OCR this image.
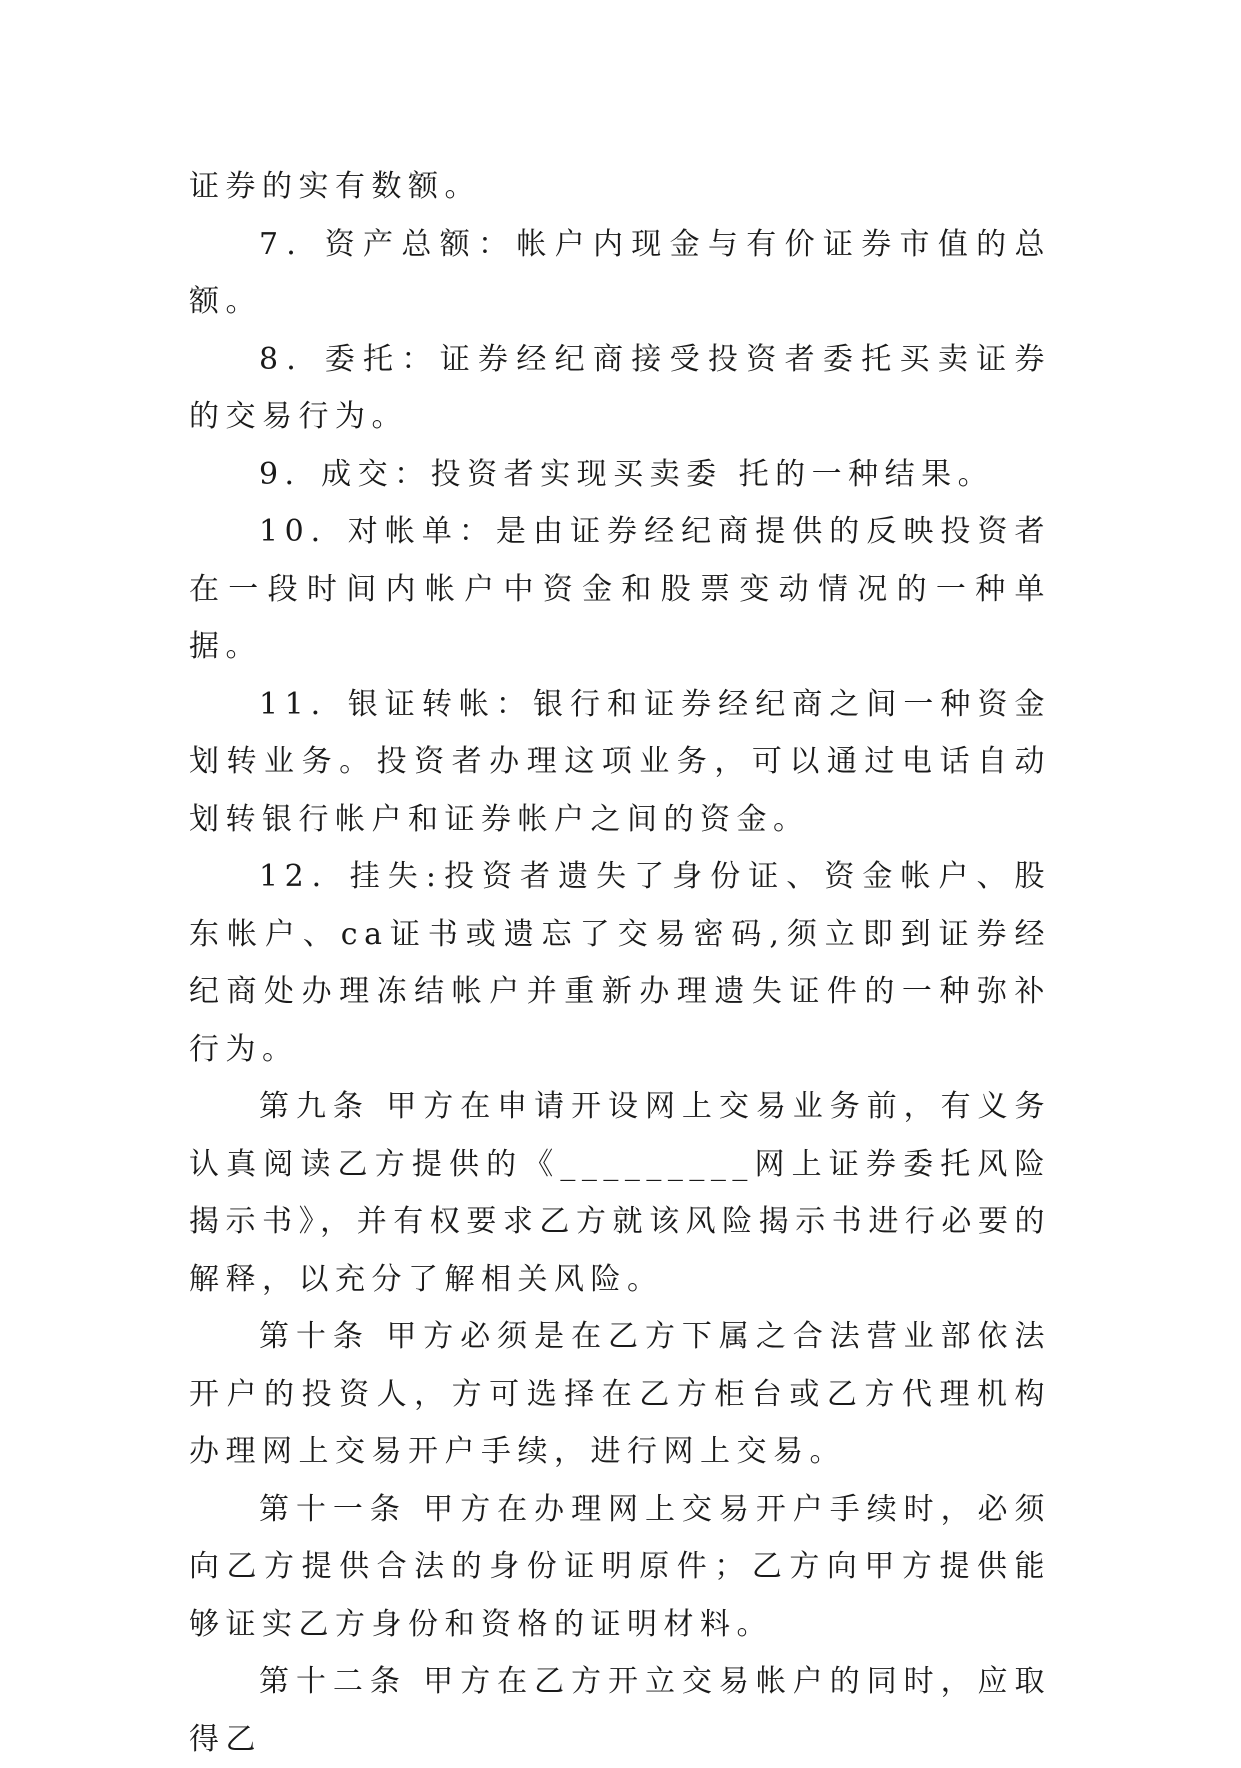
证券的实有数额。

7．资产总额：帐户内现金与有价证券市值的总额。

8．委托：证券经纪商接受投资者委托买卖证券的交易行为。

9．成交：投资者实现买卖委 托的一种结果。

10．对帐单：是由证券经纪商提供的反映投资者在一段时间内帐户中资金和股票变动情况的一种单据。

11．银证转帐：银行和证券经纪商之间一种资金划转业务。投资者办理这项业务，可以通过电话自动划转银行帐户和证券帐户之间的资金。

12．挂失:投资者遗失了身份证、资金帐户、股东帐户、ca证书或遗忘了交易密码,须立即到证券经纪商处办理冻结帐户并重新办理遗失证件的一种弥补行为。

第九条 甲方在申请开设网上交易业务前，有义务认真阅读乙方提供的《_________网上证券委托风险揭示书》，并有权要求乙方就该风险揭示书进行必要的解释，以充分了解相关风险。

第十条 甲方必须是在乙方下属之合法营业部依法开户的投资人，方可选择在乙方柜台或乙方代理机构办理网上交易开户手续，进行网上交易。

第十一条 甲方在办理网上交易开户手续时，必须向乙方提供合法的身份证明原件；乙方向甲方提供能够证实乙方身份和资格的证明材料。

第十二条 甲方在乙方开立交易帐户的同时，应取得乙
